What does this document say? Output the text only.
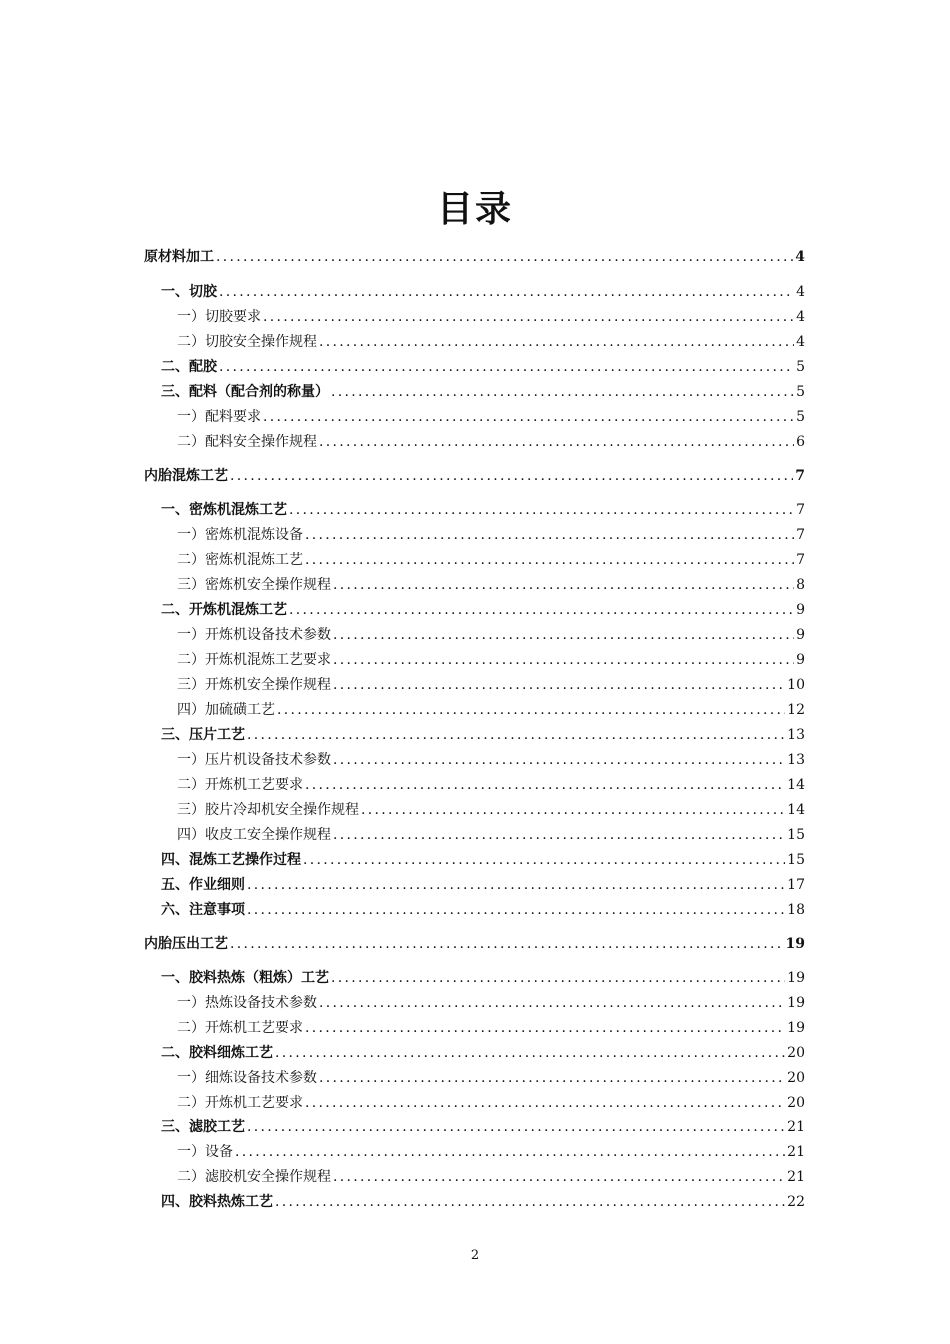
目录
原材料加工 .....	4
一、切胶 .....	4
一）切胶要求 .....	4
二）切胶安全操作规程 .....	4
二、配胶 .....	5
三、配料（配合剂的称量） .....	5
一）配料要求 .....	5
二）配料安全操作规程 .....	6
内胎混炼工艺 .....	7
一、密炼机混炼工艺 .....	7
一）密炼机混炼设备 .....	7
二）密炼机混炼工艺 .....	7
三）密炼机安全操作规程 .....	8
二、开炼机混炼工艺 .....	9
一）开炼机设备技术参数 .....	9
二）开炼机混炼工艺要求 .....	9
三）开炼机安全操作规程 .....	10
四）加硫磺工艺 .....	12
三、压片工艺 .....	13
一）压片机设备技术参数 .....	13
二）开炼机工艺要求 .....	14
三）胶片冷却机安全操作规程 .....	14
四）收皮工安全操作规程 .....	15
四、混炼工艺操作过程 .....	15
五、作业细则 .....	17
六、注意事项 .....	18
内胎压出工艺 .....	19
一、胶料热炼（粗炼）工艺 .....	19
一）热炼设备技术参数 .....	19
二）开炼机工艺要求 .....	19
二、胶料细炼工艺 .....	20
一）细炼设备技术参数 .....	20
二）开炼机工艺要求 .....	20
三、滤胶工艺 .....	21
一）设备 .....	21
二）滤胶机安全操作规程 .....	21
四、胶料热炼工艺 .....	22
2
